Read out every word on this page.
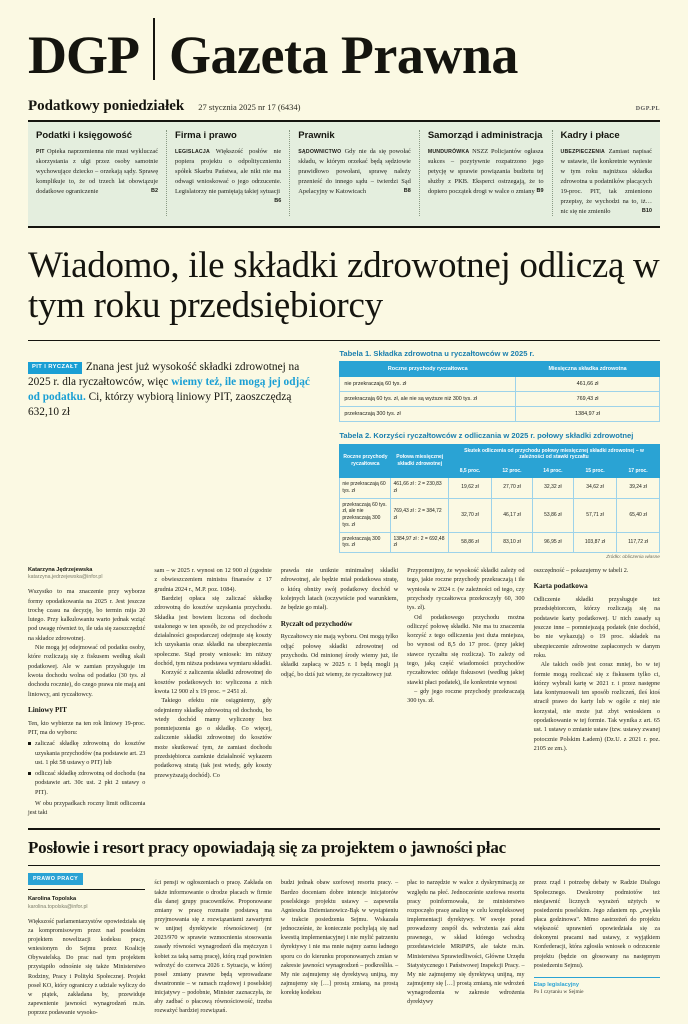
DGP Gazeta Prawna
Podatkowy poniedziałek 27 stycznia 2025 nr 17 (6434)	DGP.PL
Podatki i księgowość
PIT Opieka naprzemienna nie musi wykluczać skorzystania z ulgi przez osoby samotnie wychowujące dziecko – orzekają sądy. Sprawę komplikuje to, że od trzech lat obowiązuje dodatkowe ograniczenie	B2
Firma i prawo
LEGISLACJA Większość posłów nie popiera projektu o odpolitycznieniu spółek Skarbu Państwa, ale nikt nie ma odwagi wnioskować o jego odrzucenie. Legislatorzy nie pamiętają takiej sytuacji
B6
Prawnik
SĄDOWNICTWO Gdy nie da się powołać składu, w którym orzekać będą sędziowie prawidłowo powołani, sprawę należy przenieść do innego sądu – twierdzi Sąd Apelacyjny w Katowicach	B8
Samorząd i administracja
MUNDURÓWKA NSZZ Policjantów ogłasza sukces – pozytywnie rozpatrzono jego petycję w sprawie powiązania budżetu tej służby z PKB. Eksperci ostrzegają, że to dopiero początek drogi w walce o zmiany B9
Kadry i płace
UBEZPIECZENIA Zamiast napisać w ustawie, ile konkretnie wyniesie w tym roku najniższa składka zdrowotna u podatników płacących 19-proc. PIT, tak zmieniono przepisy, że wychodzi na to, iż… nic się nie zmieniło	B10
Wiadomo, ile składki zdrowotnej odliczą w tym roku przedsiębiorcy

PIT I RYCZAŁT Znana jest już wysokość składki zdrowotnej na 2025 r. dla ryczałtowców, więc wiemy też, ile mogą jej odjąć od podatku. Ci, którzy wybiorą liniowy PIT, zaoszczędzą 632,10 zł

Tabela 1. Składka zdrowotna u ryczałtowców w 2025 r.
Roczne przychody ryczałtowca	Miesięczna składka zdrowotna
nie przekraczają 60 tys. zł	461,66 zł
przekraczają 60 tys. zł, ale nie są wyższe niż 300 tys. zł	769,43 zł
przekraczają 300 tys. zł	1384,97 zł
Tabela 2. Korzyści ryczałtowców z odliczania w 2025 r. połowy składki zdrowotnej
Roczne przychody ryczałtowca	Połowa miesięcznej składki zdrowotnej	Skutek odliczenia od przychodu połowy miesięcznej składki zdrowotnej – w zależności od stawki ryczałtu				
		8,5 proc.	12 proc.	14 proc.	15 proc.	17 proc.
nie przekraczają 60 tys. zł	461,66 zł : 2 = 230,83 zł	19,62 zł	27,70 zł	32,32 zł	34,62 zł	39,24 zł
przekraczają 60 tys. zł, ale nie przekraczają 300 tys. zł	769,43 zł : 2 = 384,72 zł	32,70 zł	46,17 zł	53,86 zł	57,71 zł	65,40 zł
przekraczają 300 tys. zł	1384,97 zł : 2 = 692,48 zł	58,86 zł	83,10 zł	96,95 zł	103,87 zł	117,72 zł
Źródło: obliczenia własne
Katarzyna Jędrzejewska
katarzyna.jedrzejewska@infor.pl

Wszystko to ma znaczenie przy wyborze formy opodatkowania na 2025 r. Jest jeszcze trochę czasu na decyzję, bo termin mija 20 lutego. Przy kalkulowaniu warto jednak wziąć pod uwagę również to, ile uda się zaoszczędzić na składce zdrowotnej.

Nie mogą jej odejmować od podatku osoby, które rozliczają się z fiskusem według skali podatkowej. Ale w zamian przysługuje im kwota dochodu wolna od podatku (30 tys. zł dochodu rocznie), do czego prawa nie mają ani liniowcy, ani ryczałtowcy.

Liniowy PIT

Ten, kto wybierze na ten rok liniowy 19-proc. PIT, ma do wyboru:

zaliczać składkę zdrowotną do kosztów uzyskania przychodów (na podstawie art. 23 ust. 1 pkt 58 ustawy o PIT) lub
odliczać składkę zdrowotną od dochodu (na podstawie art. 30c ust. 2 pkt 2 ustawy o PIT).

W obu przypadkach roczny limit odliczenia jest taki

sam – w 2025 r. wynosi on 12 900 zł (zgodnie z obwieszczeniem ministra finansów z 17 grudnia 2024 r., M.P. poz. 1084).

Bardziej opłaca się zaliczać składkę zdrowotną do kosztów uzyskania przychodu. Składka jest bowiem liczona od dochodu ustalonego w ten sposób, że od przychodów z działalności gospodarczej odejmuje się koszty ich uzyskania oraz składki na ubezpieczenia społeczne. Stąd prosty wniosek: im niższy dochód, tym niższa podstawa wymiaru składki.

Korzyść z zaliczenia składki zdrowotnej do kosztów podatkowych to: wyliczona z nich kwota 12 900 zł x 19 proc. = 2451 zł.

Takiego efektu nie osiągniemy, gdy odejmiemy składkę zdrowotną od dochodu, bo wtedy dochód mamy wyliczony bez pomniejszenia go o składkę. Co więcej, zaliczenie składki zdrowotnej do kosztów może skutkować tym, że zamiast dochodu przedsiębiorca zamknie działalność wykazem podatkową stratą (tak jest wtedy, gdy koszty przewyższają dochód). Co

prawda nie uniknie minimalnej składki zdrowotnej, ale będzie miał podatkowa stratę, o którą obniży swój podatkowy dochód w kolejnych latach (oczywiście pod warunkiem, że będzie go miał).

Ryczałt od przychodów

Ryczałtowcy nie mają wyboru. Oni mogą tylko odjąć połowę składki zdrowotnej od przychodu. Od minionej środy wiemy już, ile składki zapłacą w 2025 r. I będą mogli ją odjąć, bo dziś już wiemy, że ryczałtowcy już

Przypomnijmy, że wysokość składki zależy od tego, jakie roczne przychody przekraczają i ile wyniosła w 2024 r. (w zależności od tego, czy przychody ryczałtowca przekroczyły 60, 300 tys. zł).

Od podatkowego przychodu można odliczyć połowę składki. Nie ma tu znaczenia korzyść z tego odliczenia jest duża mniejsza, bo wynosi od 8,5 do 17 proc. (przy jakiej stawce ryczałtu się rozlicza). To zależy od tego, jaką część wiadomości przychodów ryczałtowiec oddaje fiskusowi (według jakiej stawki płaci podatek), ile konkretnie wynosi

– gdy jego roczne przychody przekraczają 300 tys. zł.

oszczędność – pokazujemy w tabeli 2.

Karta podatkowa

Odliczenie składki przysługuje też przedsiębiorcom, którzy rozliczają się na podstawie karty podatkowej. U nich zasady są jeszcze inne – pomniejszają podatek (nie dochód, bo nie wykazują) o 19 proc. składek na ubezpieczenie zdrowotne zapłaconych w danym roku.

Ale takich osób jest coraz mniej, bo w tej formie mogą rozliczać się z fiskusem tylko ci, którzy wybrali kartę w 2021 r. i przez następne lata kontynuowali ten sposób rozliczeń, ileś ktoś stracił prawo do karty lub w ogóle z niej nie korzystał, nie może już zbyt wnioskiem o opodatkowanie w tej formie. Tak wynika z art. 65 ust. 1 ustawy o zmianie ustaw (tzw. ustawy zwanej potocznie Polskim Ładem) (Dz.U. z 2021 r. poz. 2105 ze zm.).

Posłowie i resort pracy opowiadają się za projektem o jawności płac
PRAWO PRACY
Karolina Topolska
karolina.topolska@infor.pl

Większość parlamentarzystów opowiedziała się za kompromisowym przez nad poselskim projektem nowelizacji kodeksu pracy, wniesionym do Sejmu przez Koalicję Obywatelską. Do prac nad tym projektem przystąpiło odnośnie się także Ministerstwo Rodziny, Pracy i Polityki Społecznej. Projekt poseł KO, który ograniczy z udziale wyliczy do w piątek, zakładana by, przewiduje zapewnienie jawności wynagrodzeń m.in. poprzez podawanie wysoko-

ści pensji w ogłoszeniach o pracę. Zakłada on także informowanie o drodze płacach w firmie dla danej grupy pracowników. Proponowane zmiany w pracę rozmaite podstawą ma przyjmowania się z rozwiązaniami zawartymi w unijnej dyrektywie równościowej (nr 2023/970 w sprawie wzmocnienia stosowania zasady równości wynagrodzeń dla mężczyzn i kobiet za taką samą pracę), którą rząd powinien wdrożyć do czerwca 2026 r. Sytuacja, w której poseł zmiany prawne będą wprowadzane dwustronnie – w ramach rządowej i poselskiej inicjatywy – podobnie, Minister zaznaczyła, że aby zadbać o płacową równościowość, trzeba rozważyć bardziej rozwiązań.

budzi jednak obaw szefowej resortu pracy. – Bardzo doceniam dobre intencje inicjatorów poselskiego projektu ustawy – zapewniła Agnieszka Dziemianowicz-Bąk w wystąpieniu w trakcie posiedzenia Sejmu. Wskazała jednocześnie, że koniecznie pochylają się nad kwestią implementacyjnej i nie mylić patrzeniu dyrektywy i nie ma mnie najmy zamu ładnego sporu co do kierunku proponowanych zmian w zakresie jawności wynagrodzeń – podkreśliła. – My nie zajmujemy się dyrektywą unijną, my zajmujemy się […] prostą zmianą, na prostą korektę kodeksu

płac to narzędzie w walce z dyskryminacją ze względu na płeć. Jednocześnie szefowa resortu pracy poinformowała, że ministerstwo rozpoczęło pracę analizę w celu kompleksowej implementacji dyrektywy. W swoje porad prowadzony zespół ds. wdrożenia zaś aktu prawnego, w skład którego wchodzą przedstawiciele MRiPiPS, ale także m.in. Ministerstwa Sprawiedliwości, Główne Urzędu Statystycznego i Państwowej Inspekcji Pracy. – My nie zajmujemy się dyrektywą unijną, my zajmujemy się […] prostą zmianą, nie wdrożeń wynagrodzenia w zakresie wdrożenia dyrektywy

przez rząd i potrzebę debaty w Radzie Dialogu Społecznego. Dwukrotny podmiotów też nieujawnić licznych wyrażeń użytych w posiedzeniu poselskim. Jego zdaniem np. „zwykła płaca godzinowa". Mimo zastrzeżeń do projektu większość uprawnień opowiedziała się za dokonymi pracami nad ustawy, z wyjątkiem Konfederacji, która zgłosiła wniosek o odrzucenie projektu (będzie on głosowany na następnym posiedzeniu Sejmu).

Etap legislacyjny
Po I czytaniu w Sejmie
